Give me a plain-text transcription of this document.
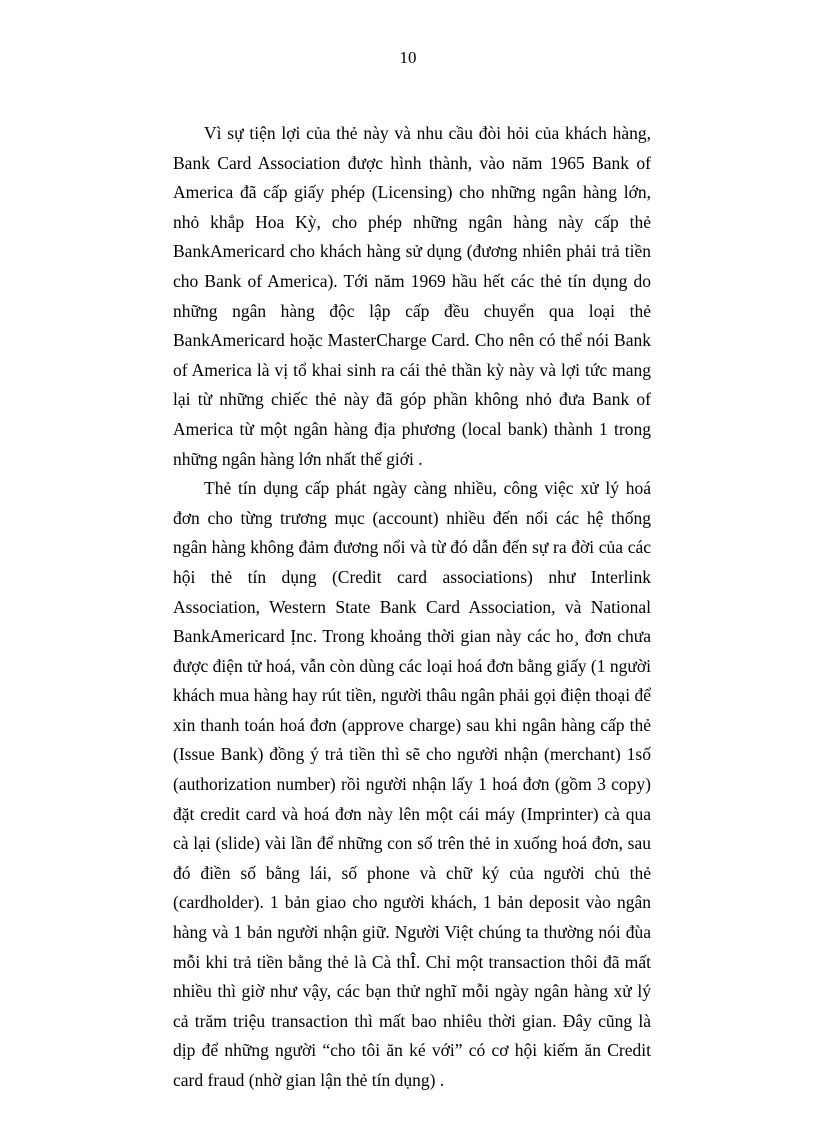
10

Vì sự tiện lợi của thẻ này và nhu cầu đòi hỏi của khách hàng, Bank Card Association được hình thành, vào năm 1965 Bank of America đã cấp giấy phép (Licensing) cho những ngân hàng lớn, nhỏ khắp Hoa Kỳ, cho phép những ngân hàng này cấp thẻ BankAmericard cho khách hàng sử dụng (đương nhiên phải trả tiền cho Bank of America). Tới năm 1969 hầu hết các thẻ tín dụng do những ngân hàng độc lập cấp đều chuyển qua loại thẻ BankAmericard hoặc MasterCharge Card. Cho nên có thể nói Bank of America là vị tổ khai sinh ra cái thẻ thần kỳ này và lợi tức mang lại từ những chiếc thẻ này đã góp phần không nhỏ đưa Bank of America từ một ngân hàng địa phương (local bank) thành 1 trong những ngân hàng lớn nhất thế giới .

Thẻ tín dụng cấp phát ngày càng nhiều, công việc xử lý hoá đơn cho từng trương mục (account) nhiều đến nổi các hệ thống ngân hàng không đảm đương nổi và từ đó dẫn đến sự ra đời của các hội thẻ tín dụng (Credit card associations) như Interlink Association, Western State Bank Card Association, và National BankAmericard Ịnc. Trong khoảng thời gian này các ho¸ đơn chưa được điện tử hoá, vẫn còn dùng các loại hoá đơn bằng giấy (1 người khách mua hàng hay rút tiền, người thâu ngân phải gọi điện thoại để xin thanh toán hoá đơn (approve charge) sau khi ngân hàng cấp thẻ (Issue Bank) đồng ý trả tiền thì sẽ cho người nhận (merchant) 1số (authorization number) rồi người nhận lấy 1 hoá đơn (gồm 3 copy) đặt credit card và hoá đơn này lên một cái máy (Imprinter) cà qua cà lại (slide) vài lần để những con số trên thẻ in xuống hoá đơn, sau đó điền số bằng lái, số phone và chữ ký của người chủ thẻ (cardholder). 1 bản giao cho người khách, 1 bản deposit vào ngân hàng và 1 bản người nhận giữ. Người Việt chúng ta thường nói đùa mỗi khi trả tiền bằng thẻ là Cà thÎ. Chỉ một transaction thôi đã mất nhiều thì giờ như vậy, các bạn thử nghĩ mỗi ngày ngân hàng xử lý cả trăm triệu transaction thì mất bao nhiêu thời gian. Đây cũng là dịp để những người “cho tôi ăn ké với” có cơ hội kiếm ăn Credit card fraud (nhờ gian lận thẻ tín dụng) .
